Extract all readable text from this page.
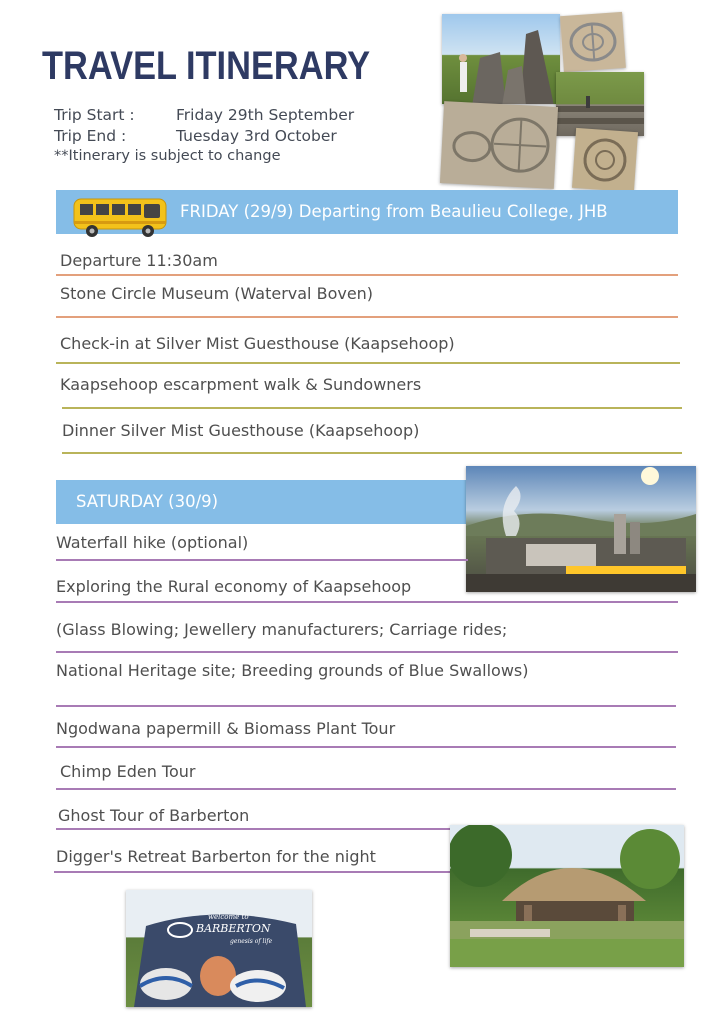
TRAVEL ITINERARY
Trip Start :	Friday 29th September
Trip End :	Tuesday 3rd October
**Itinerary is subject to change
FRIDAY (29/9) Departing from Beaulieu College, JHB
Departure 11:30am
Stone Circle Museum (Waterval Boven)
Check-in at Silver Mist Guesthouse (Kaapsehoop)
Kaapsehoop escarpment walk & Sundowners
Dinner Silver Mist Guesthouse (Kaapsehoop)
SATURDAY (30/9)
Waterfall hike (optional)
Exploring the Rural economy of Kaapsehoop
(Glass Blowing; Jewellery manufacturers; Carriage rides;
National Heritage site; Breeding grounds of Blue Swallows)
Ngodwana papermill & Biomass Plant Tour
Chimp Eden Tour
Ghost Tour of Barberton
Digger's Retreat Barberton for the night
welcome to
BARBERTON
genesis of life
